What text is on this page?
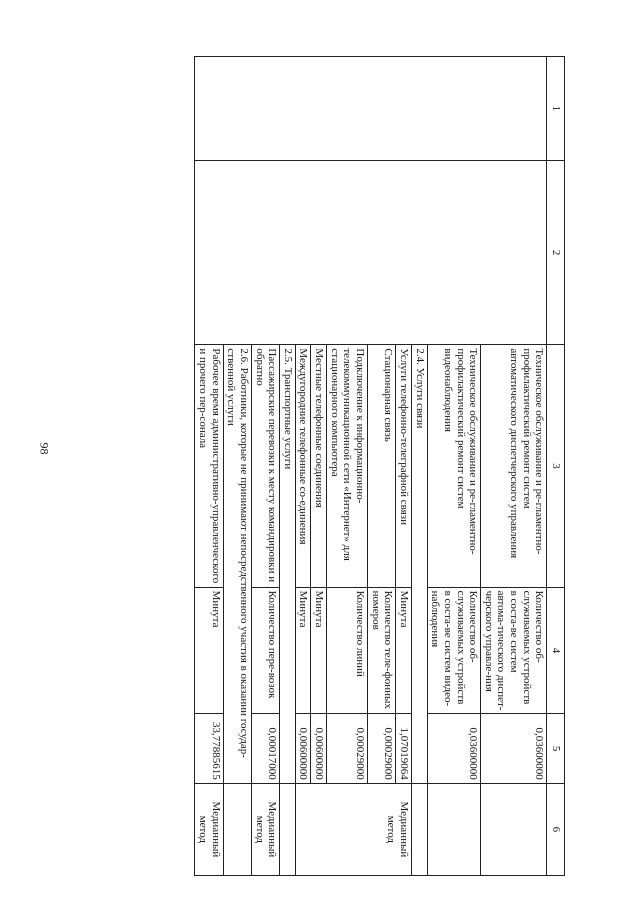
98
1	2	3	4	5	6
		Техническое обслуживание и ре-гламентно-профилактический ремонт систем автоматического диспетчерского управления	Количество об-служиваемых устройств в соста-ве систем автома-тического диспет-черского управле-ния	0,03600000	
		Техническое обслуживание и ре-гламентно-профилактический ремонт систем видеонаблюдения	Количество об-служиваемых устройств в соста-ве систем видео-наблюдения	0,03600000	
		2.4. Услуги связи			
		Услуги телефонно-телеграфной связи	Минута	1,07019064	Медианный метод
		Стационарная связь	Количество теле-фонных номеров	0,00029000	
		Подключение к информационно-телекоммуникационной сети «Интернет» для стационарного компьютера	Количество линий	0,00029000	
		Местные телефонные соединения	Минута	0,00600000	
		Междугородние телефонные со-единения	Минута	0,00600000	
		2.5. Транспортные услуги			
		Пассажирские перевозки к месту командировки и обратно	Количество пере-возок	0,00017000	Медианный метод
		2.6. Работники, которые не принимают непосредственного участия в оказании государ-ственной услуги			
		Рабочее время административно-управленческого и прочего пер-сонала	Минута	33,77885615	Медианный метод
